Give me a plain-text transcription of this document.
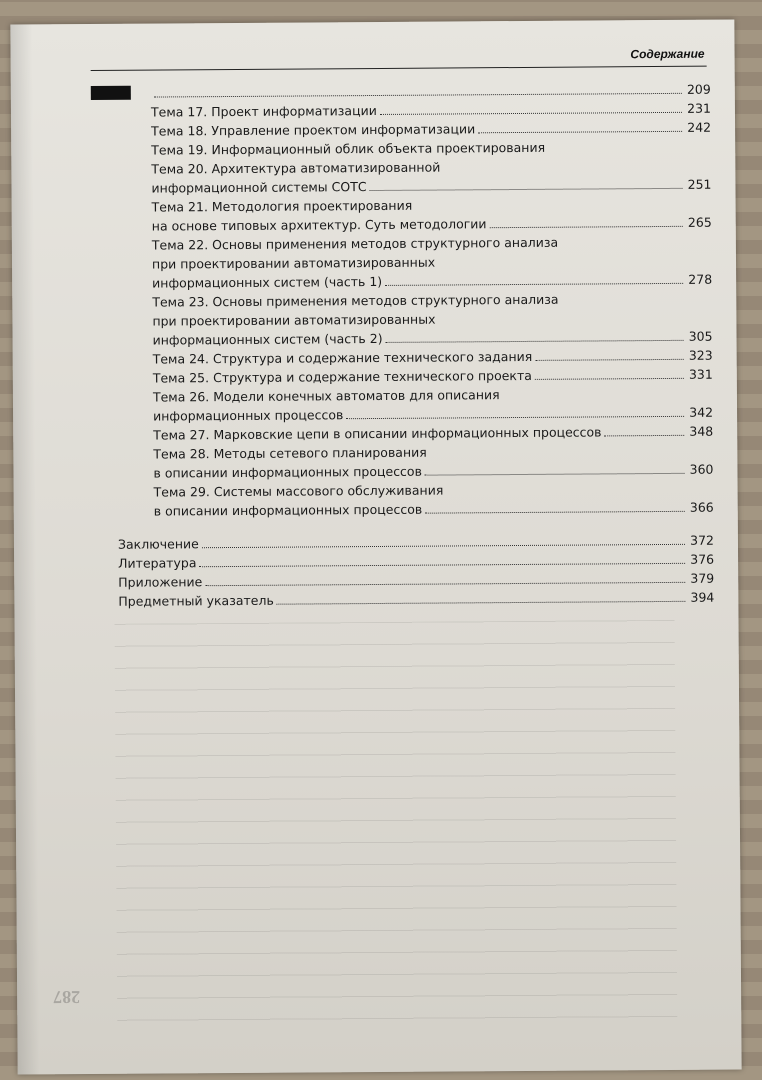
287
Содержание
209
Тема 17. Проект информатизации	231
Тема 18. Управление проектом информатизации	242
Тема 19. Информационный облик объекта проектирования
Тема 20. Архитектура автоматизированной
информационной системы СОТС	251
Тема 21. Методология проектирования
на основе типовых архитектур. Суть методологии	265
Тема 22. Основы применения методов структурного анализа
при проектировании автоматизированных
информационных систем (часть 1)	278
Тема 23. Основы применения методов структурного анализа
при проектировании автоматизированных
информационных систем (часть 2)	305
Тема 24. Структура и содержание технического задания	323
Тема 25. Структура и содержание технического проекта	331
Тема 26. Модели конечных автоматов для описания
информационных процессов	342
Тема 27. Марковские цепи в описании информационных процессов	348
Тема 28. Методы сетевого планирования
в описании информационных процессов	360
Тема 29. Системы массового обслуживания
в описании информационных процессов	366
Заключение	372
Литература	376
Приложение	379
Предметный указатель	394
